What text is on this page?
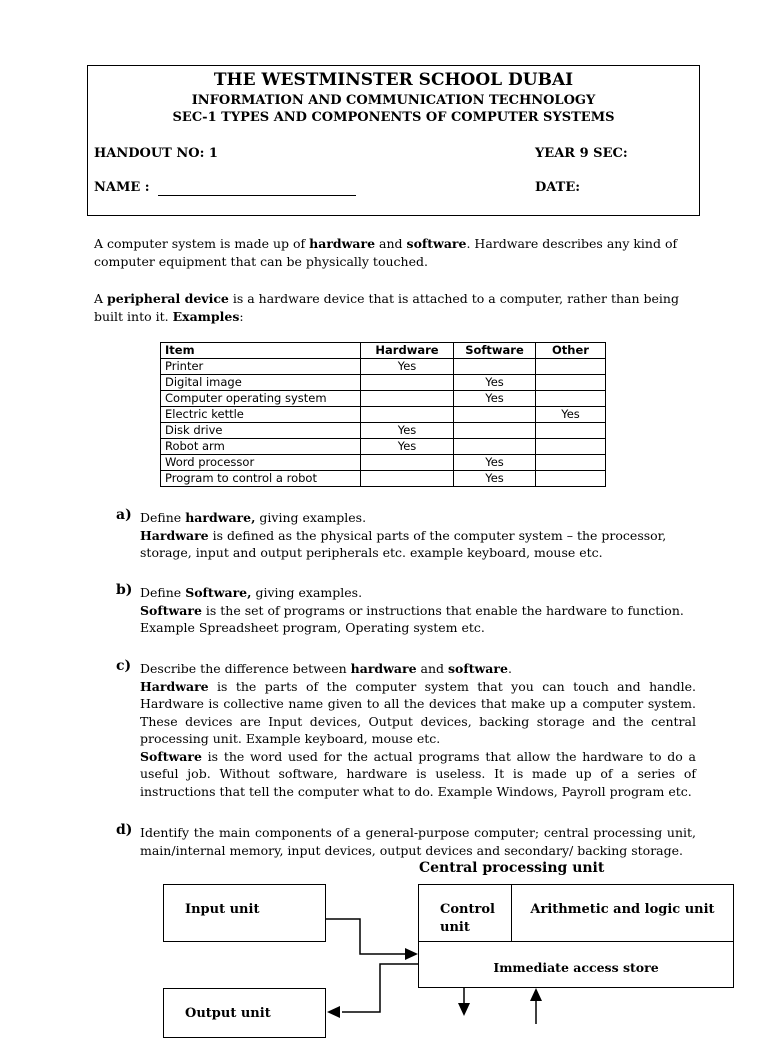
THE WESTMINSTER SCHOOL DUBAI
INFORMATION AND COMMUNICATION TECHNOLOGY
SEC-1 TYPES AND COMPONENTS OF COMPUTER SYSTEMS
HANDOUT NO: 1	YEAR 9 SEC:
NAME :	DATE:
A computer system is made up of hardware and software. Hardware describes any kind of computer equipment that can be physically touched.
A peripheral device is a hardware device that is attached to a computer, rather than being built into it. Examples:
Item	Hardware	Software	Other
Printer	Yes		
Digital image		Yes	
Computer operating system		Yes	
Electric kettle			Yes
Disk drive	Yes		
Robot arm	Yes		
Word processor		Yes	
Program to control a robot		Yes	
a) Define hardware, giving examples.
Hardware is defined as the physical parts of the computer system – the processor, storage, input and output peripherals etc. example keyboard, mouse etc.
b) Define Software, giving examples.
Software is the set of programs or instructions that enable the hardware to function. Example Spreadsheet program, Operating system etc.
c) Describe the difference between hardware and software.
Hardware is the parts of the computer system that you can touch and handle. Hardware is collective name given to all the devices that make up a computer system. These devices are Input devices, Output devices, backing storage and the central processing unit. Example keyboard, mouse etc.
Software is the word used for the actual programs that allow the hardware to do a useful job. Without software, hardware is useless. It is made up of a series of instructions that tell the computer what to do. Example Windows, Payroll program etc.
d) Identify the main components of a general-purpose computer; central processing unit, main/internal memory, input devices, output devices and secondary/ backing storage.
Central processing unit
Input unit
Output unit
Control unit
Arithmetic and logic unit
Immediate access store
